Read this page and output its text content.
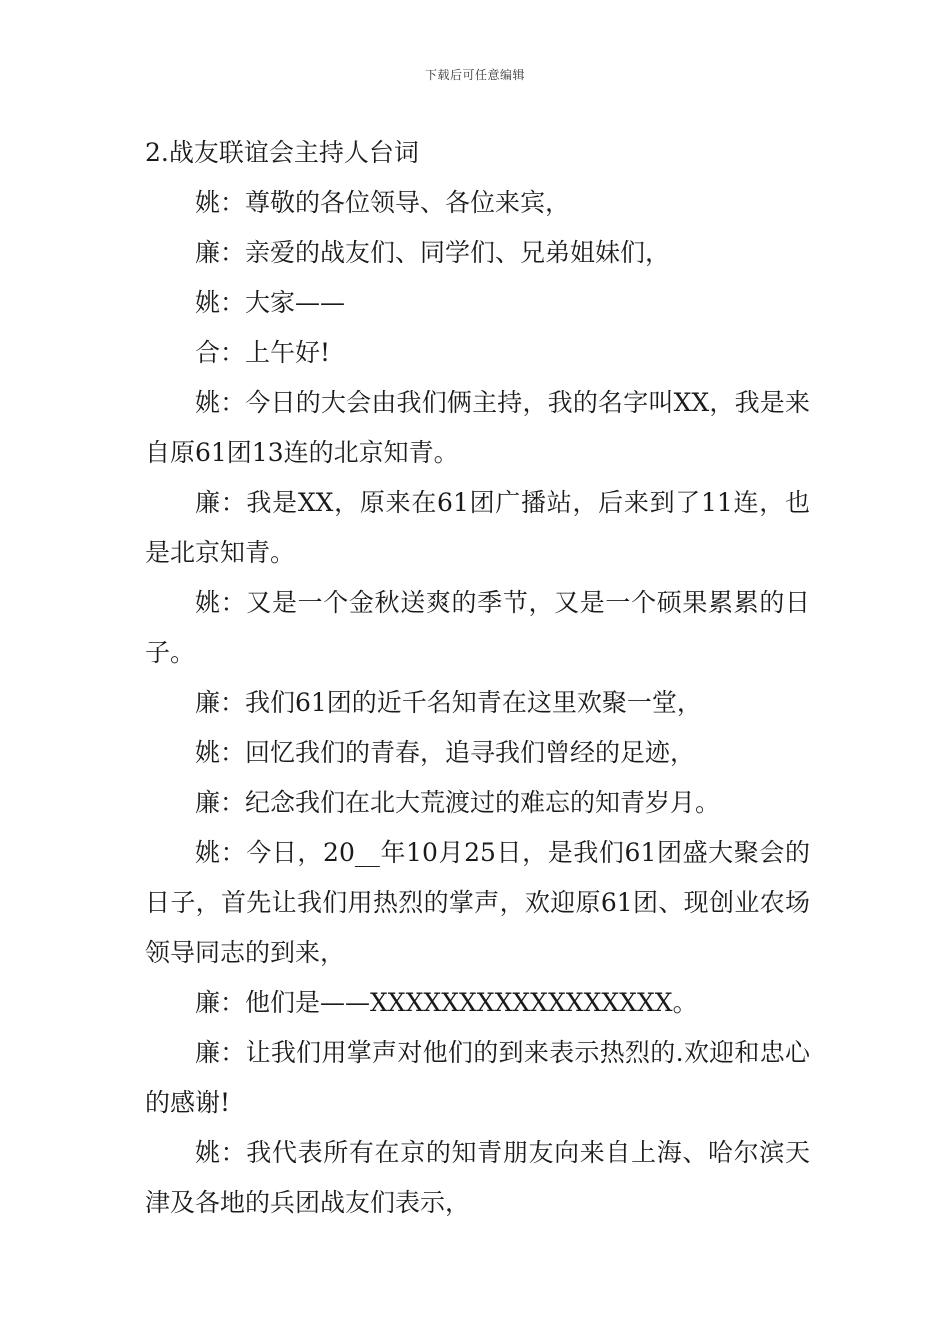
下载后可任意编辑

2.战友联谊会主持人台词

姚：尊敬的各位领导、各位来宾，

廉：亲爱的战友们、同学们、兄弟姐妹们，

姚：大家——

合：上午好!

姚：今日的大会由我们俩主持，我的名字叫XX，我是来自原61团13连的北京知青。

廉：我是XX，原来在61团广播站，后来到了11连，也是北京知青。

姚：又是一个金秋送爽的季节，又是一个硕果累累的日子。

廉：我们61团的近千名知青在这里欢聚一堂，

姚：回忆我们的青春，追寻我们曾经的足迹，

廉：纪念我们在北大荒渡过的难忘的知青岁月。

姚：今日，20__年10月25日，是我们61团盛大聚会的日子，首先让我们用热烈的掌声，欢迎原61团、现创业农场领导同志的到来，

廉：他们是——XXXXXXXXXXXXXXXXX。

廉：让我们用掌声对他们的到来表示热烈的.欢迎和忠心的感谢!

姚：我代表所有在京的知青朋友向来自上海、哈尔滨天津及各地的兵团战友们表示，
